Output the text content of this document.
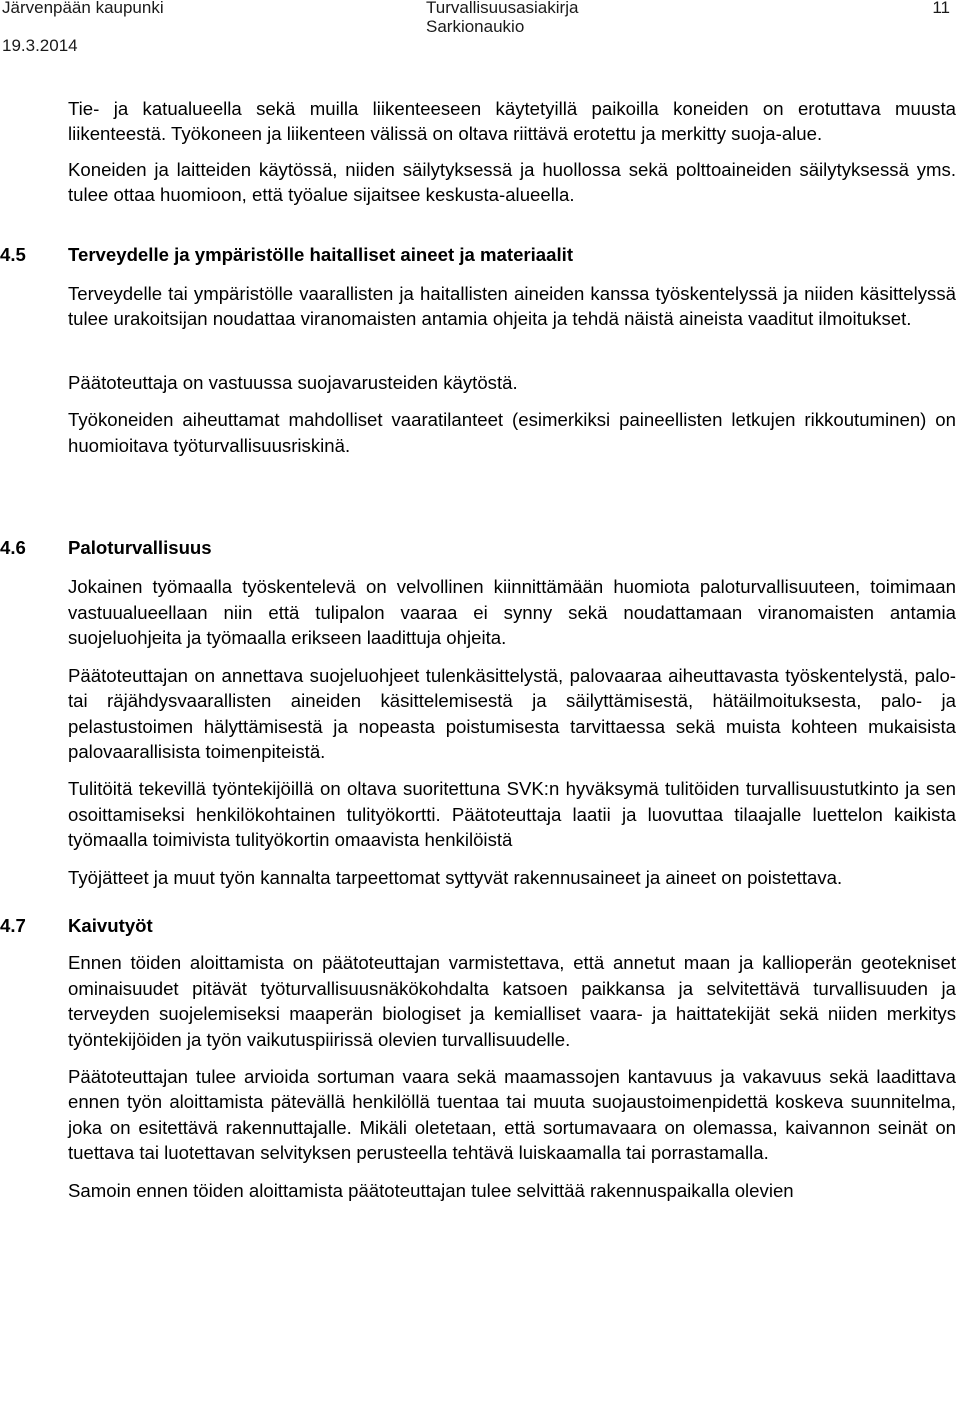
Järvenpään kaupunki
19.3.2014
Turvallisuusasiakirja
Sarkionaukio
11

Tie- ja katualueella sekä muilla liikenteeseen käytetyillä paikoilla koneiden on erotuttava muusta liikenteestä. Työkoneen ja liikenteen välissä on oltava riittävä erotettu ja merkitty suoja-alue.

Koneiden ja laitteiden käytössä, niiden säilytyksessä ja huollossa sekä polttoaineiden säilytyksessä yms. tulee ottaa huomioon, että työalue sijaitsee keskusta-alueella.

4.5	Terveydelle ja ympäristölle haitalliset aineet ja materiaalit

Terveydelle tai ympäristölle vaarallisten ja haitallisten aineiden kanssa työskentelyssä ja niiden käsittelyssä tulee urakoitsijan noudattaa viranomaisten antamia ohjeita ja tehdä näistä aineista vaaditut ilmoitukset.

Päätoteuttaja on vastuussa suojavarusteiden käytöstä.

Työkoneiden aiheuttamat mahdolliset vaaratilanteet (esimerkiksi paineellisten letkujen rikkoutuminen) on huomioitava työturvallisuusriskinä.

4.6	Paloturvallisuus

Jokainen työmaalla työskentelevä on velvollinen kiinnittämään huomiota paloturvallisuuteen, toimimaan vastuualueellaan niin että tulipalon vaaraa ei synny sekä noudattamaan viranomaisten antamia suojeluohjeita ja työmaalla erikseen laadittuja ohjeita.

Päätoteuttajan on annettava suojeluohjeet tulenkäsittelystä, palovaaraa aiheuttavasta työskentelystä, palo- tai räjähdysvaarallisten aineiden käsittelemisestä ja säilyttämisestä, hätäilmoituksesta, palo- ja pelastustoimen hälyttämisestä ja nopeasta poistumisesta tarvittaessa sekä muista kohteen mukaisista palovaarallisista toimenpiteistä.

Tulitöitä tekevillä työntekijöillä on oltava suoritettuna SVK:n hyväksymä tulitöiden turvallisuustutkinto ja sen osoittamiseksi henkilökohtainen tulityökortti. Päätoteuttaja laatii ja luovuttaa tilaajalle luettelon kaikista työmaalla toimivista tulityökortin omaavista henkilöistä

Työjätteet ja muut työn kannalta tarpeettomat syttyvät rakennusaineet ja aineet on poistettava.

4.7	Kaivutyöt

Ennen töiden aloittamista on päätoteuttajan varmistettava, että annetut maan ja kallioperän geotekniset ominaisuudet pitävät työturvallisuusnäkökohdalta katsoen paikkansa ja selvitettävä turvallisuuden ja terveyden suojelemiseksi maaperän biologiset ja kemialliset vaara- ja haittatekijät sekä niiden merkitys työntekijöiden ja työn vaikutuspiirissä olevien turvallisuudelle.

Päätoteuttajan tulee arvioida sortuman vaara sekä maamassojen kantavuus ja vakavuus sekä laadittava ennen työn aloittamista pätevällä henkilöllä tuentaa tai muuta suojaustoimenpidettä koskeva suunnitelma, joka on esitettävä rakennuttajalle. Mikäli oletetaan, että sortumavaara on olemassa, kaivannon seinät on tuettava tai luotettavan selvityksen perusteella tehtävä luiskaamalla tai porrastamalla.

Samoin ennen töiden aloittamista päätoteuttajan tulee selvittää rakennuspaikalla olevien
